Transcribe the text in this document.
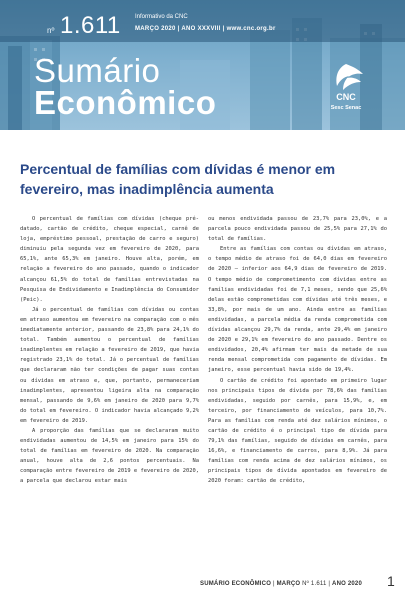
nº 1.611 Informativo da CNC
MARÇO 2020 | ANO XXXVIII | www.cnc.org.br
Sumário
Econômico	CNC
Sesc Senac
Percentual de famílias com dívidas é menor em fevereiro, mas inadimplência aumenta

O percentual de famílias com dívidas (cheque pré-datado, cartão de crédito, cheque especial, carnê de loja, empréstimo pessoal, prestação de carro e seguro) diminuiu pela segunda vez em fevereiro de 2020, para 65,1%, ante 65,3% em janeiro. Houve alta, porém, em relação a fevereiro do ano passado, quando o indicador alcançou 61,5% do total de famílias entrevistadas na Pesquisa de Endividamento e Inadimplência do Consumidor (Peic).

Já o percentual de famílias com dívidas ou contas em atraso aumentou em fevereiro na comparação com o mês imediatamente anterior, passando de 23,8% para 24,1% do total. Também aumentou o percentual de famílias inadimplentes em relação a fevereiro de 2019, que havia registrado 23,1% do total. Já o percentual de famílias que declararam não ter condições de pagar suas contas ou dívidas em atraso e, que, portanto, permaneceriam inadimplentes, apresentou ligeira alta na comparação mensal, passando de 9,6% em janeiro de 2020 para 9,7% do total em fevereiro. O indicador havia alcançado 9,2% em fevereiro de 2019.

A proporção das famílias que se declararam muito endividadas aumentou de 14,5% em janeiro para 15% do total de famílias em fevereiro de 2020. Na comparação anual, houve alta de 2,6 pontos percentuais. Na comparação entre fevereiro de 2019 e fevereiro de 2020, a parcela que declarou estar mais

ou menos endividada passou de 23,7% para 23,0%, e a parcela pouco endividada passou de 25,5% para 27,1% do total de famílias.

Entre as famílias com contas ou dívidas em atraso, o tempo médio de atraso foi de 64,0 dias em fevereiro de 2020 – inferior aos 64,9 dias de fevereiro de 2019. O tempo médio de comprometimento com dívidas entre as famílias endividadas foi de 7,1 meses, sendo que 25,6% delas estão comprometidas com dívidas até três meses, e 33,8%, por mais de um ano. Ainda entre as famílias endividadas, a parcela média da renda comprometida com dívidas alcançou 29,7% da renda, ante 29,4% em janeiro de 2020 e 29,1% em fevereiro do ano passado. Dentre os endividados, 20,4% afirmam ter mais da metade de sua renda mensal comprometida com pagamento de dívidas. Em janeiro, esse percentual havia sido de 19,4%.

O cartão de crédito foi apontado em primeiro lugar nos principais tipos de dívida por 78,6% das famílias endividadas, seguido por carnês, para 15,9%, e, em terceiro, por financiamento de veículos, para 10,7%. Para as famílias com renda até dez salários mínimos, o cartão de crédito é o principal tipo de dívida para 79,1% das famílias, seguido de dívidas em carnês, para 16,6%, e financiamento de carros, para 8,9%. Já para famílias com renda acima de dez salários mínimos, os principais tipos de dívida apontados em fevereiro de 2020 foram: cartão de crédito,

SUMÁRIO ECONÔMICO | MARÇO Nº 1.611 | ANO 2020 1
